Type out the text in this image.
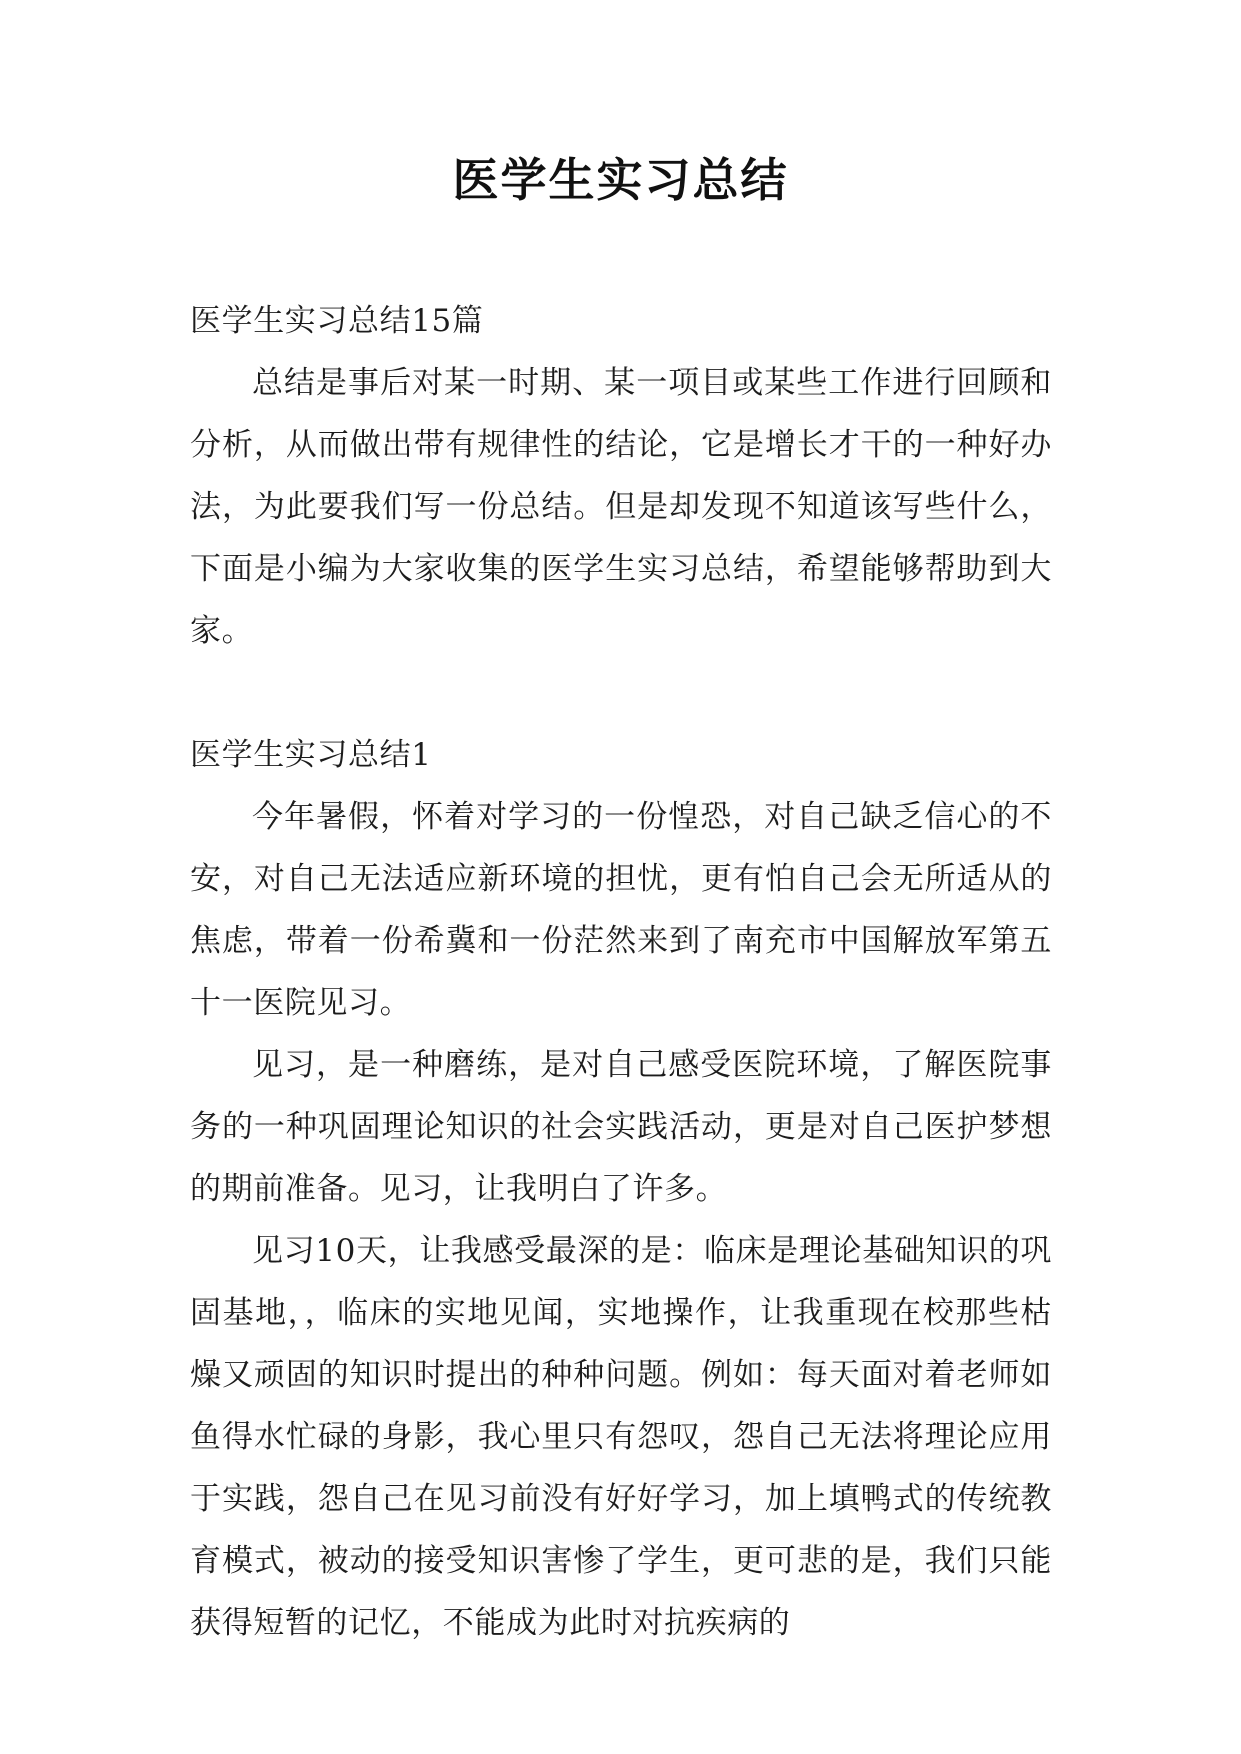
医学生实习总结

医学生实习总结15篇

总结是事后对某一时期、某一项目或某些工作进行回顾和分析，从而做出带有规律性的结论，它是增长才干的一种好办法，为此要我们写一份总结。但是却发现不知道该写些什么，下面是小编为大家收集的医学生实习总结，希望能够帮助到大家。

医学生实习总结1

今年暑假，怀着对学习的一份惶恐，对自己缺乏信心的不安，对自己无法适应新环境的担忧，更有怕自己会无所适从的焦虑，带着一份希冀和一份茫然来到了南充市中国解放军第五十一医院见习。

见习，是一种磨练，是对自己感受医院环境，了解医院事务的一种巩固理论知识的社会实践活动，更是对自己医护梦想的期前准备。见习，让我明白了许多。

见习10天，让我感受最深的是：临床是理论基础知识的巩固基地，，临床的实地见闻，实地操作，让我重现在校那些枯燥又顽固的知识时提出的种种问题。例如：每天面对着老师如鱼得水忙碌的身影，我心里只有怨叹，怨自己无法将理论应用于实践，怨自己在见习前没有好好学习，加上填鸭式的传统教育模式，被动的接受知识害惨了学生，更可悲的是，我们只能获得短暂的记忆，不能成为此时对抗疾病的
